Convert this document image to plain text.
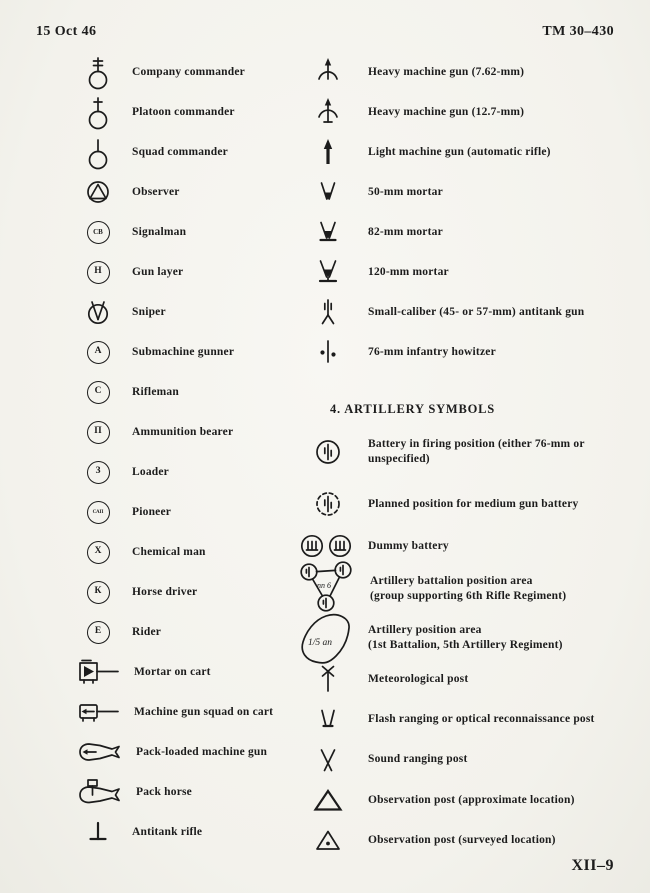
15 Oct 46	TM 30–430
Company commander
Platoon commander
Squad commander
Observer
СВ	Signalman
Н	Gun layer
Sniper
А	Submachine gunner
С	Rifleman
П	Ammunition bearer
З	Loader
САП Pioneer
Х	Chemical man
К	Horse driver
Е	Rider
Mortar on cart
Machine gun squad on cart
Pack-loaded machine gun
Pack horse
Antitank rifle
Heavy machine gun (7.62-mm)
Heavy machine gun (12.7-mm)
Light machine gun (automatic rifle)
50-mm mortar
82-mm mortar
120-mm mortar
Small-caliber (45- or 57-mm) antitank gun
76-mm infantry howitzer
4. ARTILLERY SYMBOLS
Battery in firing position (either 76-mm or
unspecified)
Planned position for medium gun battery
Dummy battery
пп 6	Artillery battalion position area
(group supporting 6th Rifle Regiment)
1/5 ап
Artillery position area
(1st Battalion, 5th Artillery Regiment)
Meteorological post
Flash ranging or optical reconnaissance post
Sound ranging post
Observation post (approximate location)
Observation post (surveyed location)
XII–9
